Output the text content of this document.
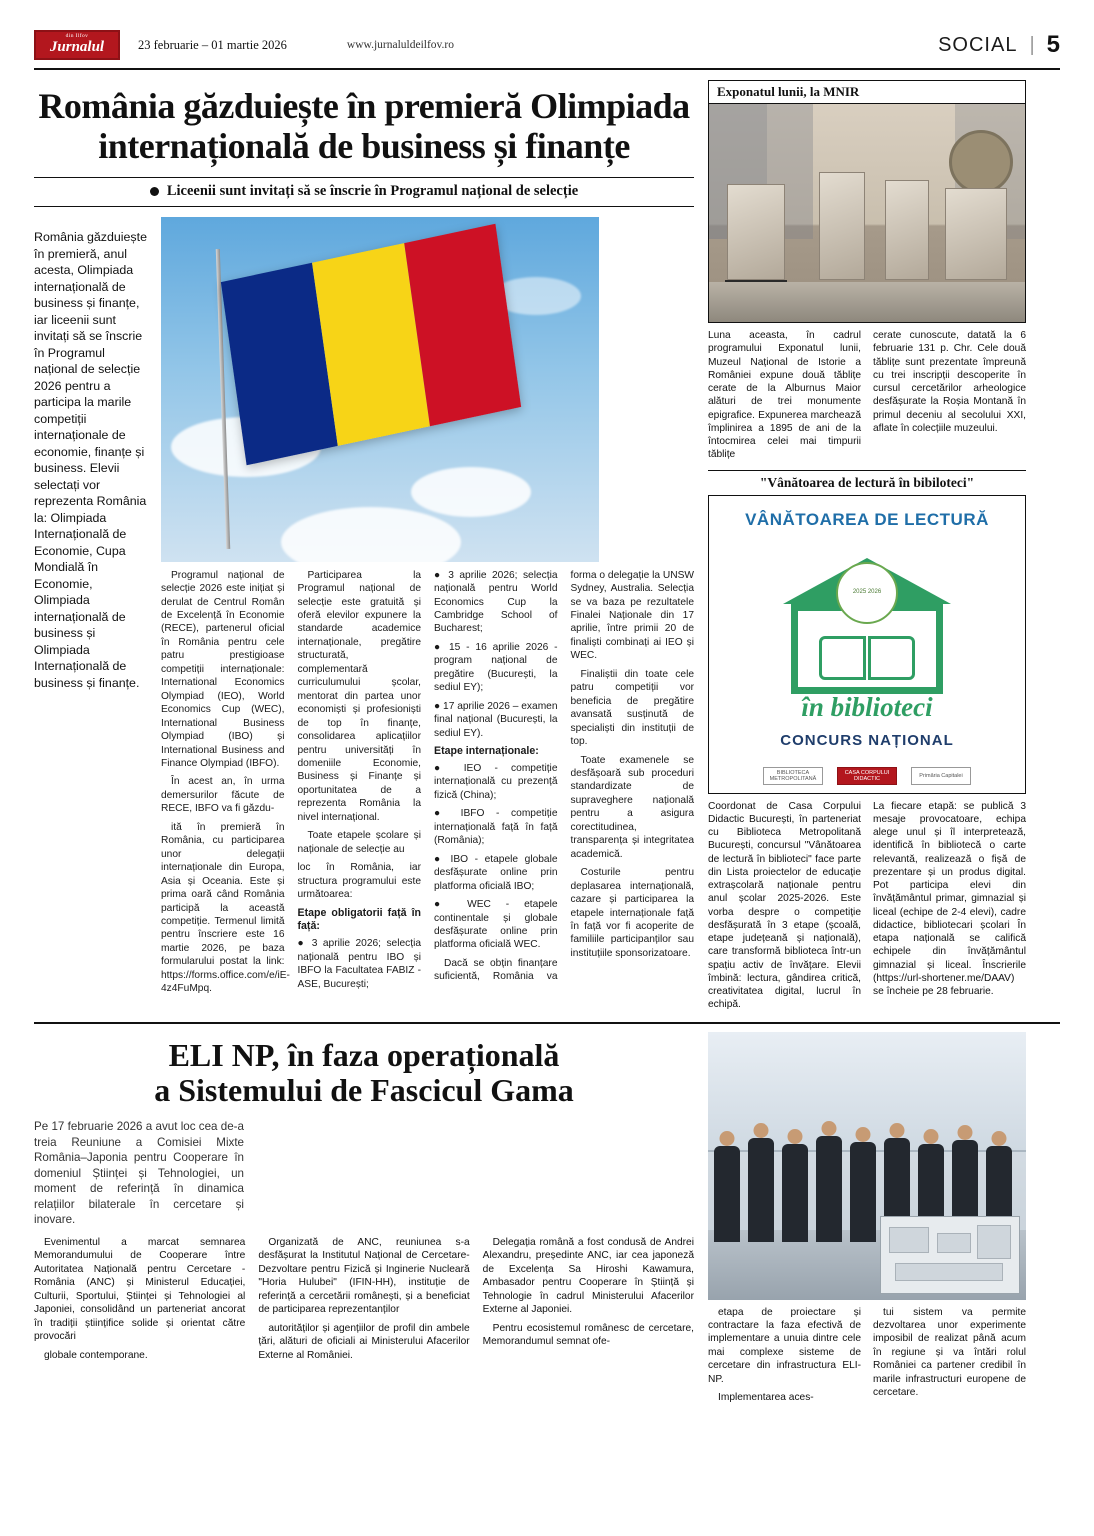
din Ilfov
Jurnalul	23 februarie – 01 martie 2026	www.jurnaluldeilfov.ro	SOCIAL | 5
România găzduiește în premieră Olimpiada
internațională de business și finanțe
Liceenii sunt invitați să se înscrie în Programul național de selecție

România găzduiește în premieră, anul acesta, Olimpiada internațională de business și finanțe, iar liceenii sunt invitați să se înscrie în Programul național de selecție 2026 pentru a participa la marile competiții internaționale de economie, finanțe și business. Elevii selectați vor reprezenta România la: Olimpiada Internațională de Economie, Cupa Mondială în Economie, Olimpiada internațională de business și Olimpiada Internațională de business și finanțe.

Programul național de selecție 2026 este inițiat și derulat de Centrul Român de Excelență în Economie (RECE), partenerul oficial în România pentru cele patru prestigioase competiții internaționale: International Economics Olympiad (IEO), World Economics Cup (WEC), International Business Olympiad (IBO) și International Business and Finance Olympiad (IBFO).

În acest an, în urma demersurilor făcute de RECE, IBFO va fi găzdu-

ită în premieră în România, cu participarea unor delegații internaționale din Europa, Asia și Oceania. Este și prima oară când România participă la această competiție. Termenul limită pentru înscriere este 16 martie 2026, pe baza formularului postat la link: https://forms.office.com/e/iE-4z4FuMpq.

Participarea la Programul național de selecție este gratuită și oferă elevilor expunere la standarde academice internaționale, pregătire structurată, complementară curriculumului școlar, mentorat din partea unor economiști și profesioniști de top în finanțe, consolidarea aplicațiilor pentru universități în domeniile Economie, Business și Finanțe și oportunitatea de a reprezenta România la nivel internațional.

Toate etapele școlare și naționale de selecție au

loc în România, iar structura programului este următoarea:

Etape obligatorii față în față:

● 3 aprilie 2026; selecția națională pentru IBO și IBFO la Facultatea FABIZ - ASE, București;

● 3 aprilie 2026; selecția națională pentru World Economics Cup la Cambridge School of Bucharest;

● 15 - 16 aprilie 2026 - program național de pregătire (București, la sediul EY);

● 17 aprilie 2026 – examen final național (București, la sediul EY).

Etape internaționale:

● IEO - competiție internațională cu prezență fizică (China);

● IBFO - competiție internațională față în față (România);

● IBO - etapele globale desfășurate online prin platforma oficială IBO;

● WEC - etapele continentale și globale desfășurate online prin platforma oficială WEC.

Dacă se obțin finanțare suficientă, România va forma o delegație la UNSW Sydney, Australia. Selecția se va baza pe rezultatele Finalei Naționale din 17 aprilie, între primii 20 de finaliști combinați ai IEO și WEC.

Finaliștii din toate cele patru competiții vor beneficia de pregătire avansată susținută de specialiști din instituții de top.

Toate examenele se desfășoară sub proceduri standardizate de supraveghere națională pentru a asigura corectitudinea, transparența și integritatea academică.

Costurile pentru deplasarea internațională, cazare și participarea la etapele internaționale față în față vor fi acoperite de familiile participanților sau instituțiile sponsorizatoare.

Exponatul lunii, la MNIR

Luna aceasta, în cadrul programului Exponatul lunii, Muzeul Național de Istorie a României expune două tăblițe cerate de la Alburnus Maior alături de trei monumente epigrafice. Expunerea marchează împlinirea a 1895 de ani de la întocmirea celei mai timpurii tăblițe

cerate cunoscute, datată la 6 februarie 131 p. Chr. Cele două tăblițe sunt prezentate împreună cu trei inscripții descoperite în cursul cercetărilor arheologice desfășurate la Roșia Montană în primul deceniu al secolului XXI, aflate în colecțiile muzeului.

"Vânătoarea de lectură în bibiloteci"
VÂNĂTOAREA DE LECTURĂ
2025 2026
în biblioteci
CONCURS NAȚIONAL
BIBLIOTECA METROPOLITANĂ
CASA CORPULUI DIDACTIC	Primăria Capitalei

Coordonat de Casa Corpului Didactic București, în parteneriat cu Biblioteca Metropolitană București, concursul "Vânătoarea de lectură în biblioteci" face parte din Lista proiectelor de educație extrașcolară naționale pentru anul școlar 2025-2026. Este vorba despre o competiție desfășurată în 3 etape (școală, etape județeană și națională), care transformă biblioteca într-un spațiu activ de învățare. Elevii îmbină: lectura, gândirea critică, creativitatea digital, lucrul în echipă.

La fiecare etapă: se publică 3 mesaje provocatoare, echipa alege unul și îl interpretează, identifică în bibliotecă o carte relevantă, realizează o fișă de prezentare și un produs digital. Pot participa elevi din învățământul primar, gimnazial și liceal (echipe de 2-4 elevi), cadre didactice, bibliotecari școlari În etapa națională se califică echipele din învățământul gimnazial și liceal. Înscrierile (https://url-shortener.me/DAAV) se încheie pe 28 februarie.

ELI NP, în faza operațională
a Sistemului de Fascicul Gama
Pe 17 februarie 2026 a avut loc cea de-a treia Reuniune a Comisiei Mixte România–Japonia pentru Cooperare în domeniul Științei și Tehnologiei, un moment de referință în dinamica relațiilor bilaterale în cercetare și inovare.

Evenimentul a marcat semnarea Memorandumului de Cooperare între Autoritatea Națională pentru Cercetare - România (ANC) și Ministerul Educației, Culturii, Sportului, Științei și Tehnologiei al Japoniei, consolidând un parteneriat ancorat în tradiții științifice solide și orientat către provocări

globale contemporane.

Organizată de ANC, reuniunea s-a desfășurat la Institutul Național de Cercetare-Dezvoltare pentru Fizică și Inginerie Nucleară "Horia Hulubei" (IFIN-HH), instituție de referință a cercetării românești, și a beneficiat de participarea reprezentanților

autorităților și agențiilor de profil din ambele țări, alături de oficiali ai Ministerului Afacerilor Externe al României.

Delegația română a fost condusă de Andrei Alexandru, președinte ANC, iar cea japoneză de Excelența Sa Hiroshi Kawamura, Ambasador pentru Cooperare în Știință și Tehnologie în cadrul Ministerului Afacerilor Externe al Japoniei.

Pentru ecosistemul românesc de cercetare, Memorandumul semnat ofe-

etapa de proiectare și contractare la faza efectivă de implementare a unuia dintre cele mai complexe sisteme de cercetare din infrastructura ELI-NP.

Implementarea aces-

tui sistem va permite dezvoltarea unor experimente imposibil de realizat până acum în regiune și va întări rolul României ca partener credibil în marile infrastructuri europene de cercetare.
